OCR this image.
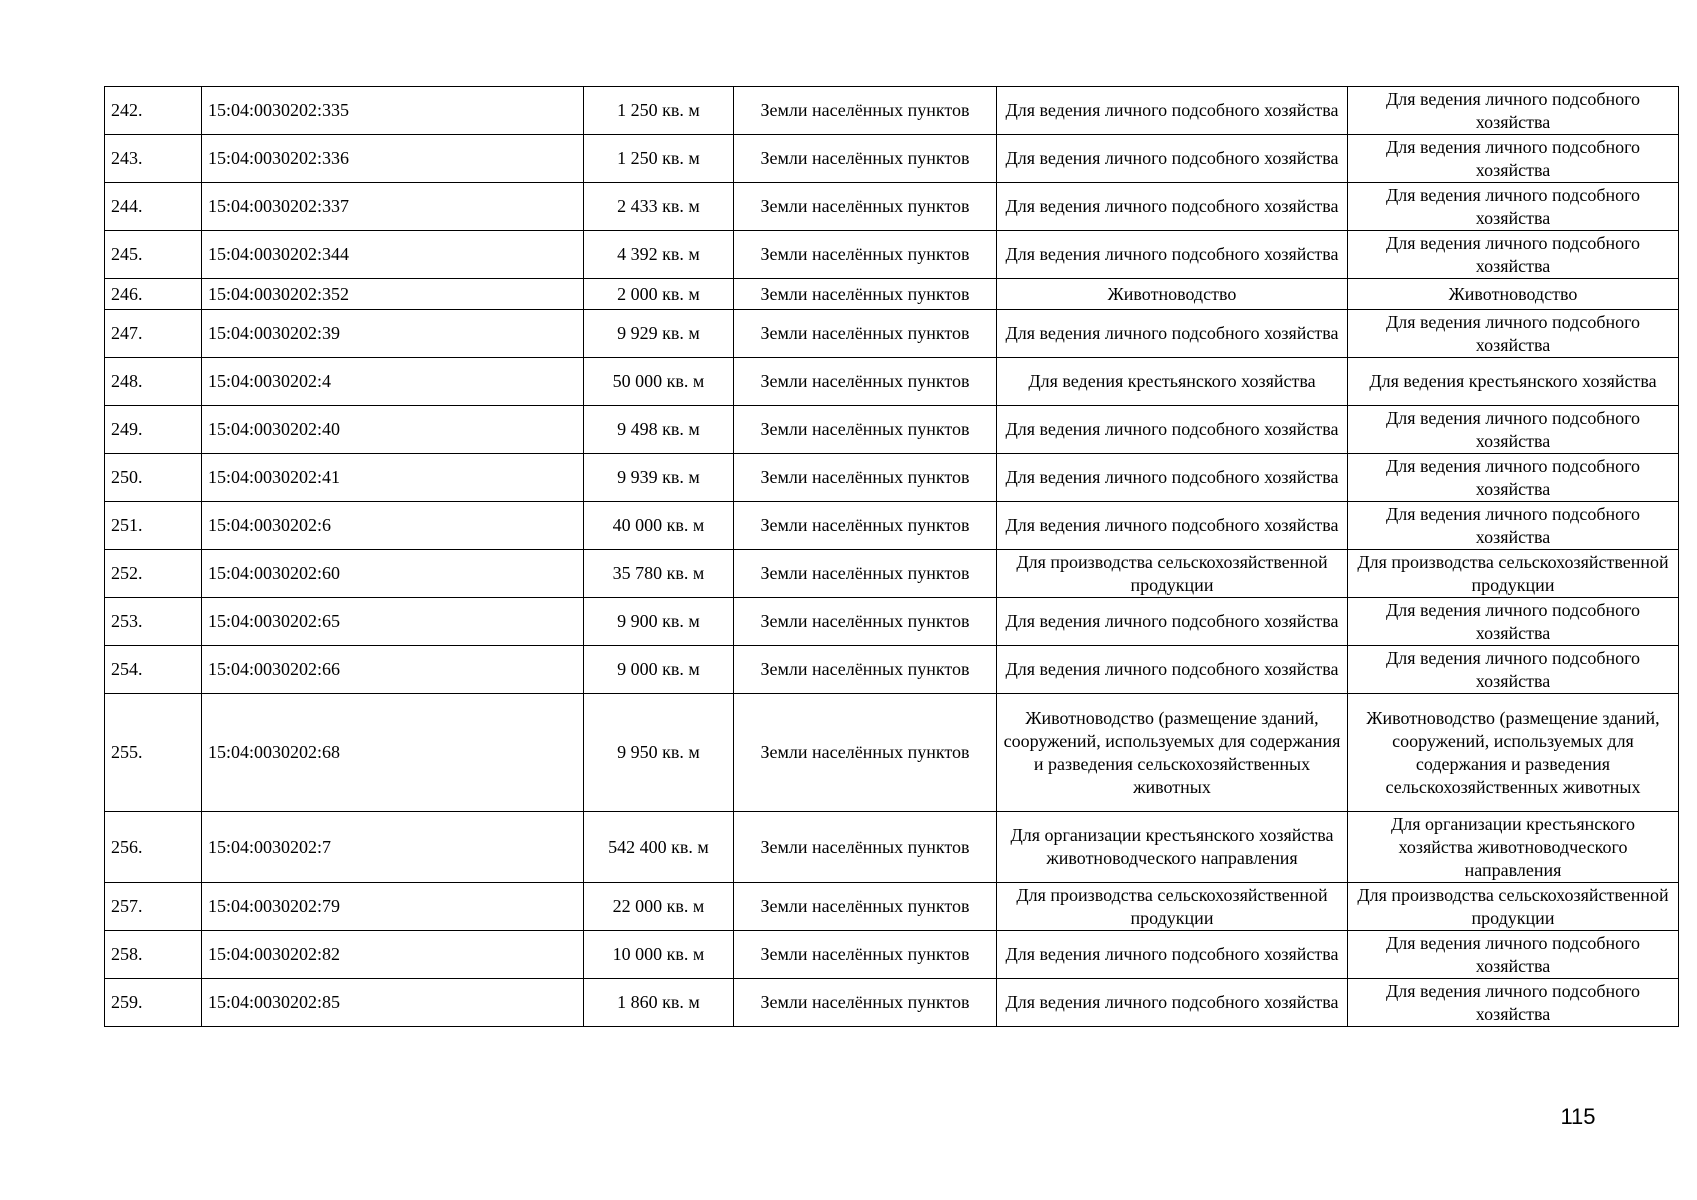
242.	15:04:0030202:335	1 250 кв. м	Земли населённых пунктов	Для ведения личного подсобного хозяйства	Для ведения личного подсобного хозяйства
243.	15:04:0030202:336	1 250 кв. м	Земли населённых пунктов	Для ведения личного подсобного хозяйства	Для ведения личного подсобного хозяйства
244.	15:04:0030202:337	2 433 кв. м	Земли населённых пунктов	Для ведения личного подсобного хозяйства	Для ведения личного подсобного хозяйства
245.	15:04:0030202:344	4 392 кв. м	Земли населённых пунктов	Для ведения личного подсобного хозяйства	Для ведения личного подсобного хозяйства
246.	15:04:0030202:352	2 000 кв. м	Земли населённых пунктов	Животноводство	Животноводство
247.	15:04:0030202:39	9 929 кв. м	Земли населённых пунктов	Для ведения личного подсобного хозяйства	Для ведения личного подсобного хозяйства
248.	15:04:0030202:4	50 000 кв. м	Земли населённых пунктов	Для ведения крестьянского хозяйства	Для ведения крестьянского хозяйства
249.	15:04:0030202:40	9 498 кв. м	Земли населённых пунктов	Для ведения личного подсобного хозяйства	Для ведения личного подсобного хозяйства
250.	15:04:0030202:41	9 939 кв. м	Земли населённых пунктов	Для ведения личного подсобного хозяйства	Для ведения личного подсобного хозяйства
251.	15:04:0030202:6	40 000 кв. м	Земли населённых пунктов	Для ведения личного подсобного хозяйства	Для ведения личного подсобного хозяйства
252.	15:04:0030202:60	35 780 кв. м	Земли населённых пунктов	Для производства сельскохозяйственной продукции	Для производства сельскохозяйственной продукции
253.	15:04:0030202:65	9 900 кв. м	Земли населённых пунктов	Для ведения личного подсобного хозяйства	Для ведения личного подсобного хозяйства
254.	15:04:0030202:66	9 000 кв. м	Земли населённых пунктов	Для ведения личного подсобного хозяйства	Для ведения личного подсобного хозяйства
255.	15:04:0030202:68	9 950 кв. м	Земли населённых пунктов	Животноводство (размещение зданий, сооружений, используемых для содержания и разведения сельскохозяйственных животных	Животноводство (размещение зданий, сооружений, используемых для содержания и разведения сельскохозяйственных животных
256.	15:04:0030202:7	542 400 кв. м	Земли населённых пунктов	Для организации крестьянского хозяйства животноводческого направления	Для организации крестьянского хозяйства животноводческого направления
257.	15:04:0030202:79	22 000 кв. м	Земли населённых пунктов	Для производства сельскохозяйственной продукции	Для производства сельскохозяйственной продукции
258.	15:04:0030202:82	10 000 кв. м	Земли населённых пунктов	Для ведения личного подсобного хозяйства	Для ведения личного подсобного хозяйства
259.	15:04:0030202:85	1 860 кв. м	Земли населённых пунктов	Для ведения личного подсобного хозяйства	Для ведения личного подсобного хозяйства
115
